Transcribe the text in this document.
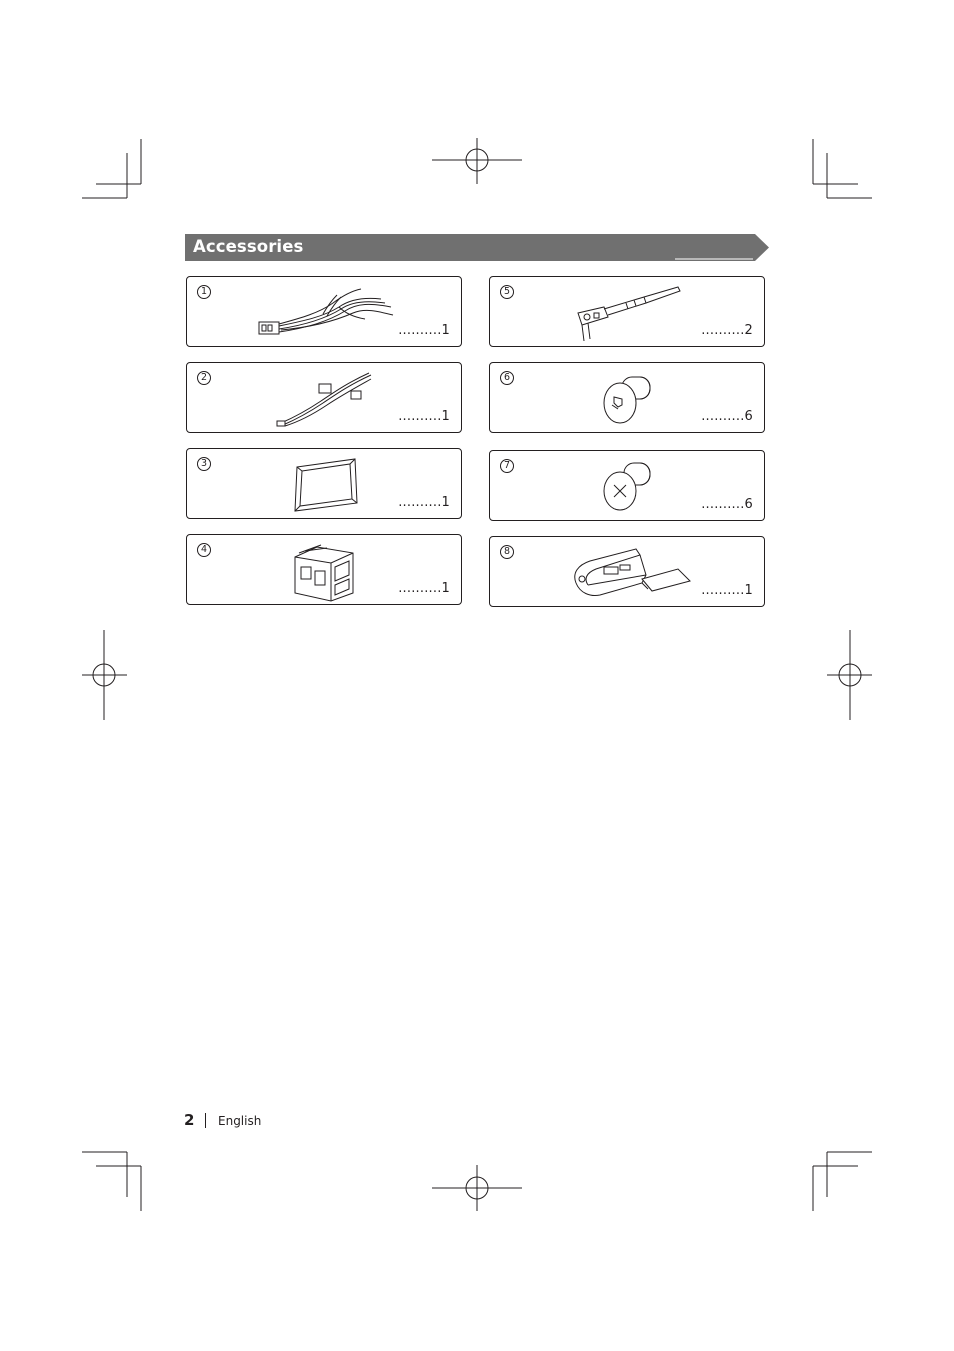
Accessories
1
..........1
2
..........1
3
..........1
4
..........1
5
..........2
6
..........6
7
..........6
8
..........1
2 English
